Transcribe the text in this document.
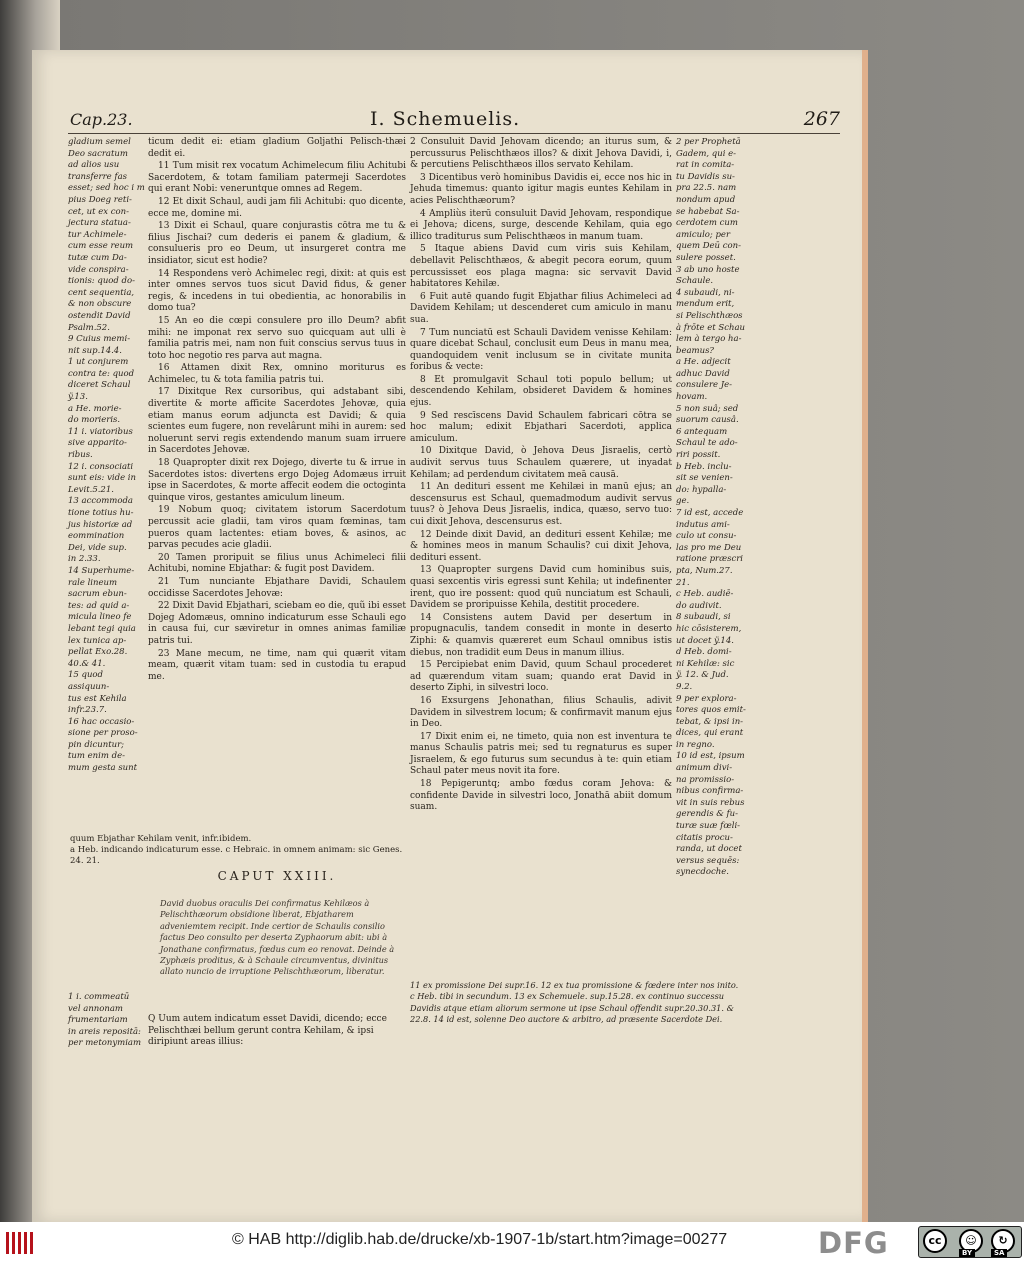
Cap.23.	I. Schemuelis.	267
gladium semel
Deo sacratum
ad alios usu
transferre fas
esset; sed hoc i m
pius Doeg reti-
cet, ut ex con-
jectura statua-
tur Achimele-
cum esse reum
tutæ cum Da-
vide conspira-
tionis: quod do-
cent sequentia,
& non obscure
ostendit David
Psalm.52.
9 Cuius memi-
nit sup.14.4.
1 ut conjurem
contra te: quod
diceret Schaul
ÿ.13.
a He. morie-
do morieris.
11 i. viatoribus
sive apparito-
ribus.
12 i. consociati
sunt eis: vide in
Levit.5.21.
13 accommoda
tione totius hu-
jus historiæ ad
eommination
Dei, vide sup.
in 2.33.
14 Superhume-
rale lineum
sacrum ebun-
tes: ad quid a-
micula lineo fe
lebant tegi quia
lex tunica ap-
pellat Exo.28.
40.& 41.
15 quod assiquun-
tus est Kehila
infr.23.7.
16 hac occasio-
sione per proso-
pin dicuntur;
tum enim de-
mum gesta sunt

ticum dedit ei: etiam gladium Goljathi Pelisch-thæi dedit ei.

11 Tum misit rex vocatum Achimelecum filiu Achitubi Sacerdotem, & totam familiam patermeji Sacerdotes qui erant Nobi: veneruntque omnes ad Regem.

12 Et dixit Schaul, audi jam fili Achitubi: quo dicente, ecce me, domine mi.

13 Dixit ei Schaul, quare conjurastis cōtra me tu & filius Jischai? cum dederis ei panem & gladium, & consulueris pro eo Deum, ut insurgeret contra me insidiator, sicut est hodie?

14 Respondens verò Achimelec regi, dixit: at quis est inter omnes servos tuos sicut David fidus, & gener regis, & incedens in tui obedientia, ac honorabilis in domo tua?

15 An eo die cœpi consulere pro illo Deum? abfit mihi: ne imponat rex servo suo quicquam aut ulli è familia patris mei, nam non fuit conscius servus tuus in toto hoc negotio res parva aut magna.

16 Attamen dixit Rex, omnino moriturus es Achimelec, tu & tota familia patris tui.

17 Dixitque Rex cursoribus, qui adstabant sibi, divertite & morte afficite Sacerdotes Jehovæ, quia etiam manus eorum adjuncta est Davidi; & quia scientes eum fugere, non revelârunt mihi in aurem: sed noluerunt servi regis extendendo manum suam irruere in Sacerdotes Jehovæ.

18 Quapropter dixit rex Dojego, diverte tu & irrue in Sacerdotes istos: divertens ergo Dojeg Adomæus irruit ipse in Sacerdotes, & morte affecit eodem die octoginta quinque viros, gestantes amiculum lineum.

19 Nobum quoq; civitatem istorum Sacerdotum percussit acie gladii, tam viros quam fœminas, tam pueros quam lactentes: etiam boves, & asinos, ac parvas pecudes acie gladii.

20 Tamen proripuit se filius unus Achimeleci filii Achitubi, nomine Ebjathar: & fugit post Davidem.

21 Tum nunciante Ebjathare Davidi, Schaulem occidisse Sacerdotes Jehovæ:

22 Dixit David Ebjathari, sciebam eo die, quũ ibi esset Dojeg Adomæus, omnino indicaturum esse Schauli ego in causa fui, cur sæviretur in omnes animas familiæ patris tui.

23 Mane mecum, ne time, nam qui quærit vitam meam, quærit vitam tuam: sed in custodia tu erapud me.

2 Consuluit David Jehovam dicendo; an iturus sum, & percussurus Pelischthæos illos? & dixit Jehova Davidi, i, & percutiens Pelischthæos illos servato Kehilam.

3 Dicentibus verò hominibus Davidis ei, ecce nos hic in Jehuda timemus: quanto igitur magis euntes Kehilam in acies Pelischthæorum?

4 Ampliùs iterū consuluit David Jehovam, respondique ei Jehova; dicens, surge, descende Kehilam, quia ego illico traditurus sum Pelischthæos in manum tuam.

5 Itaque abiens David cum viris suis Kehilam, debellavit Pelischthæos, & abegit pecora eorum, quum percussisset eos plaga magna: sic servavit David habitatores Kehilæ.

6 Fuit autē quando fugit Ebjathar filius Achimeleci ad Davidem Kehilam; ut descenderet cum amiculo in manu sua.

7 Tum nunciatū est Schauli Davidem venisse Kehilam: quare dicebat Schaul, conclusit eum Deus in manu mea, quandoquidem venit inclusum se in civitate munita foribus & vecte:

8 Et promulgavit Schaul toti populo bellum; ut descendendo Kehilam, obsideret Davidem & homines ejus.

9 Sed rescīscens David Schaulem fabricari cōtra se hoc malum; edixit Ebjathari Sacerdoti, applica amiculum.

10 Dixitque David, ò Jehova Deus Jisraelis, certò audivit servus tuus Schaulem quærere, ut inyadat Kehilam; ad perdendum civitatem meā causā.

11 An dedituri essent me Kehilæi in manū ejus; an descensurus est Schaul, quemadmodum audivit servus tuus? ò Jehova Deus Jisraelis, indica, quæso, servo tuo: cui dixit Jehova, descensurus est.

12 Deinde dixit David, an dedituri essent Kehilæ; me & homines meos in manum Schaulis? cui dixit Jehova, dedituri essent.

13 Quapropter surgens David cum hominibus suis, quasi sexcentis viris egressi sunt Kehila; ut indefinenter irent, quo ire possent: quod quū nunciatum est Schauli, Davidem se proripuisse Kehila, destitit procedere.

14 Consistens autem David per desertum in propugnaculis, tandem consedit in monte in deserto Ziphi: & quamvis quæreret eum Schaul omnibus istis diebus, non tradidit eum Deus in manum illius.

15 Percipiebat enim David, quum Schaul procederet ad quærendum vitam suam; quando erat David in deserto Ziphi, in silvestri loco.

16 Exsurgens Jehonathan, filius Schaulis, adivit Davidem in silvestrem locum; & confirmavit manum ejus in Deo.

17 Dixit enim ei, ne timeto, quia non est inventura te manus Schaulis patris mei; sed tu regnaturus es super Jisraelem, & ego futurus sum secundus à te: quin etiam Schaul pater meus novit ita fore.

18 Pepigeruntq; ambo fœdus coram Jehova: & confidente Davide in silvestri loco, Jonathā abiit domum suam.

2 per Prophetā
Gadem, qui e-
rat in comita-
tu Davidis su-
pra 22.5. nam
nondum apud
se habebat Sa-
cerdotem cum
amiculo; per
quem Deū con-
sulere posset.
3 ab uno hoste
Schaule.
4 subaudi, ni-
mendum erit,
si Pelischthæos
à frōte et Schau
lem à tergo ha-
beamus?
a He. adjecit
adhuc David
consulere Je-
hovam.
5 non suâ; sed
suorum causâ.
6 antequam
Schaul te ado-
riri possit.
b Heb. inclu-
sit se venien-
do: hypalla-
ge.
7 id est, accede
indutus ami-
culo ut consu-
las pro me Deu
ratione præscri
pta, Num.27.
21.
c Heb. audiē-
do audivit.
8 subaudi, si
hic cōsisterem,
ut docet ÿ.14.
d Heb. domi-
ni Kehilæ: sic
ÿ. 12. & Jud.
9.2.
9 per explora-
tores quos emit-
tebat, & ipsi in-
dices, qui erant
in regno.
10 id est, ipsum
animum divi-
na promissio-
nibus confirma-
vit in suis rebus
gerendis & fu-
turæ suæ fœli-
citatis procu-
randa, ut docet
versus sequēs:
synecdoche.

quum Ebjathar Kehilam venit, infr.ibidem.

a Heb. indicando indicaturum esse. c Hebraic. in omnem animam: sic Genes. 24. 21.

CAPUT XXIII.
David duobus oraculis Dei confirmatus Kehilæos à Pelischthæorum obsidione liberat, Ebjatharem adveniemtem recipit. Inde certior de Schaulis consilio factus Deo consulto per deserta Zyphaorum abit: ubi à Jonathane confirmatus, fœdus cum eo renovat. Deinde à Zyphæis proditus, & à Schaule circumventus, divinitus allato nuncio de irruptione Pelischthæorum, liberatur.
1 i. commeatū
vel annonam
frumentariam
in areis repositā:
per metonymiam
Q Uum autem indicatum esset Davidi, dicendo; ecce Pelischthæi bellum gerunt contra Kehilam, & ipsi diripiunt areas illius:

11 ex promissione Dei supr.16. 12 ex tua promissione & fœdere inter nos inito.

c Heb. tibi in secundum. 13 ex Schemuele. sup.15.28. ex continuo successu Davidis atque etiam aliorum sermone ut ipse Schaul offendit supr.20.30.31. & 22.8. 14 id est, solenne Deo auctore & arbitro, ad præsente Sacerdote Dei.

© HAB http://diglib.hab.de/drucke/xb-1907-1b/start.htm?image=00277	DFG	cc	☺	↻
BY	SA
